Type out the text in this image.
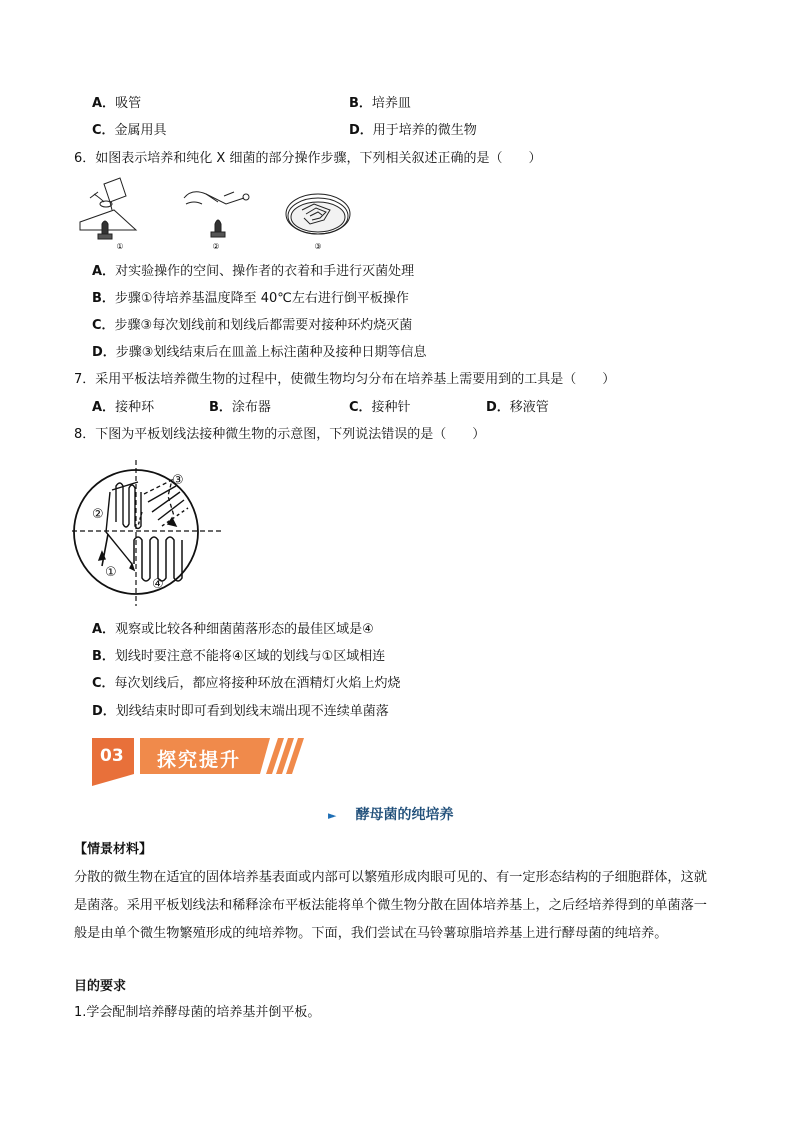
A．吸管	B．培养皿
C．金属用具	D．用于培养的微生物
6．如图表示培养和纯化 X 细菌的部分操作步骤，下列相关叙述正确的是（　　）
①	②	③
A．对实验操作的空间、操作者的衣着和手进行灭菌处理
B．步骤①待培养基温度降至 40℃左右进行倒平板操作
C．步骤③每次划线前和划线后都需要对接种环灼烧灭菌
D．步骤③划线结束后在皿盖上标注菌种及接种日期等信息
7．采用平板法培养微生物的过程中，使微生物均匀分布在培养基上需要用到的工具是（　　）
A．接种环	B．涂布器	C．接种针	D．移液管
8．下图为平板划线法接种微生物的示意图，下列说法错误的是（　　）
③
②
①
④
A．观察或比较各种细菌菌落形态的最佳区域是④
B．划线时要注意不能将④区域的划线与①区域相连
C．每次划线后，都应将接种环放在酒精灯火焰上灼烧
D．划线结束时即可看到划线末端出现不连续单菌落
03 探究提升
► 酵母菌的纯培养
【情景材料】
分散的微生物在适宜的固体培养基表面或内部可以繁殖形成肉眼可见的、有一定形态结构的子细胞群体，这就是菌落。采用平板划线法和稀释涂布平板法能将单个微生物分散在固体培养基上，之后经培养得到的单菌落一般是由单个微生物繁殖形成的纯培养物。下面，我们尝试在马铃薯琼脂培养基上进行酵母菌的纯培养。
目的要求
1.学会配制培养酵母菌的培养基并倒平板。
